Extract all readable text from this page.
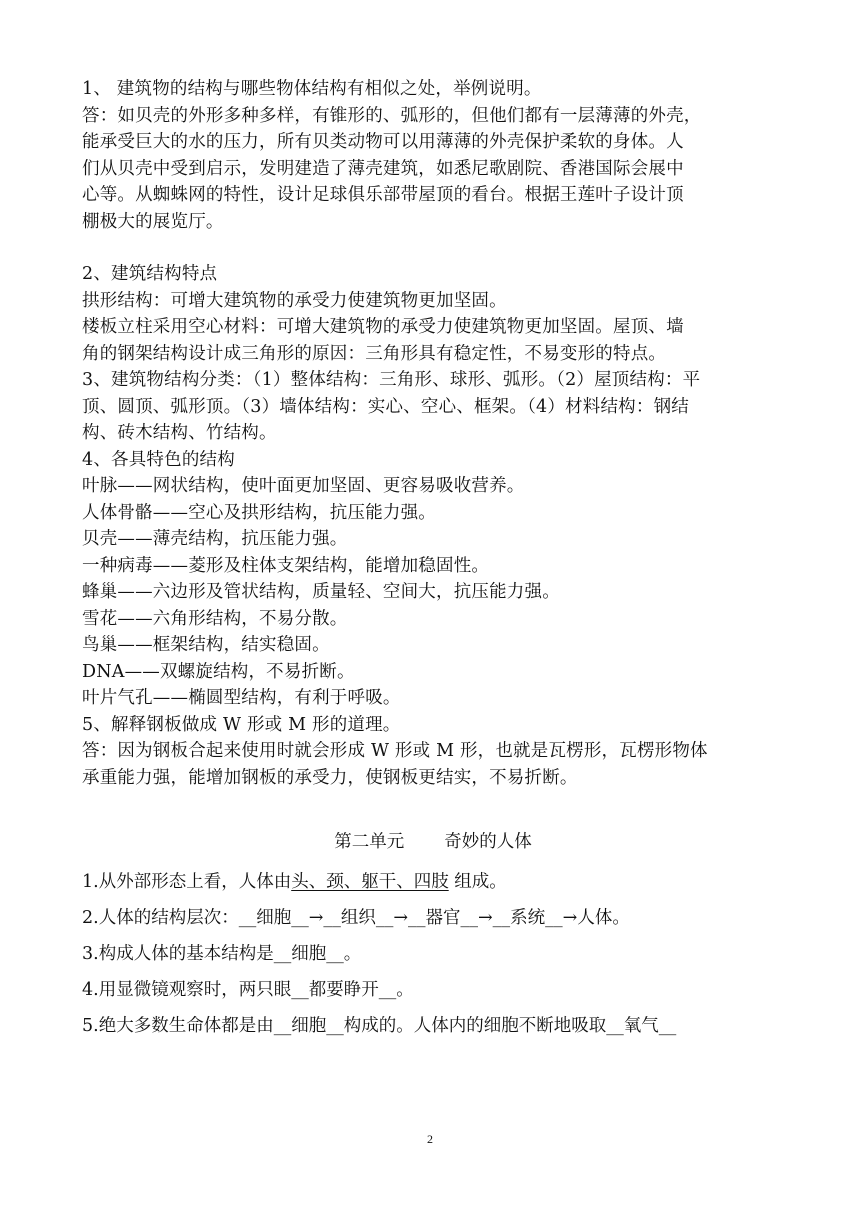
1、 建筑物的结构与哪些物体结构有相似之处，举例说明。
答：如贝壳的外形多种多样，有锥形的、弧形的，但他们都有一层薄薄的外壳，
能承受巨大的水的压力，所有贝类动物可以用薄薄的外壳保护柔软的身体。人
们从贝壳中受到启示，发明建造了薄壳建筑，如悉尼歌剧院、香港国际会展中
心等。从蜘蛛网的特性，设计足球俱乐部带屋顶的看台。根据王莲叶子设计顶
棚极大的展览厅。
2、建筑结构特点
拱形结构：可增大建筑物的承受力使建筑物更加坚固。
楼板立柱采用空心材料：可增大建筑物的承受力使建筑物更加坚固。屋顶、墙
角的钢架结构设计成三角形的原因：三角形具有稳定性，不易变形的特点。
3、建筑物结构分类：（1）整体结构：三角形、球形、弧形。（2）屋顶结构：平
顶、圆顶、弧形顶。（3）墙体结构：实心、空心、框架。（4）材料结构：钢结
构、砖木结构、竹结构。
4、各具特色的结构
叶脉——网状结构，使叶面更加坚固、更容易吸收营养。
人体骨骼——空心及拱形结构，抗压能力强。
贝壳——薄壳结构，抗压能力强。
一种病毒——菱形及柱体支架结构，能增加稳固性。
蜂巢——六边形及管状结构，质量轻、空间大，抗压能力强。
雪花——六角形结构，不易分散。
鸟巢——框架结构，结实稳固。
DNA——双螺旋结构，不易折断。
叶片气孔——椭圆型结构，有利于呼吸。
5、解释钢板做成 W 形或 M 形的道理。
答：因为钢板合起来使用时就会形成 W 形或 M 形，也就是瓦楞形，瓦楞形物体
承重能力强，能增加钢板的承受力，使钢板更结实，不易折断。
第二单元 奇妙的人体
1.从外部形态上看，人体由头、颈、躯干、四肢 组成。
2.人体的结构层次：__细胞__→__组织__→__器官__→__系统__→人体。
3.构成人体的基本结构是__细胞__。
4.用显微镜观察时，两只眼__都要睁开__。
5.绝大多数生命体都是由__细胞__构成的。人体内的细胞不断地吸取__氧气__
2
